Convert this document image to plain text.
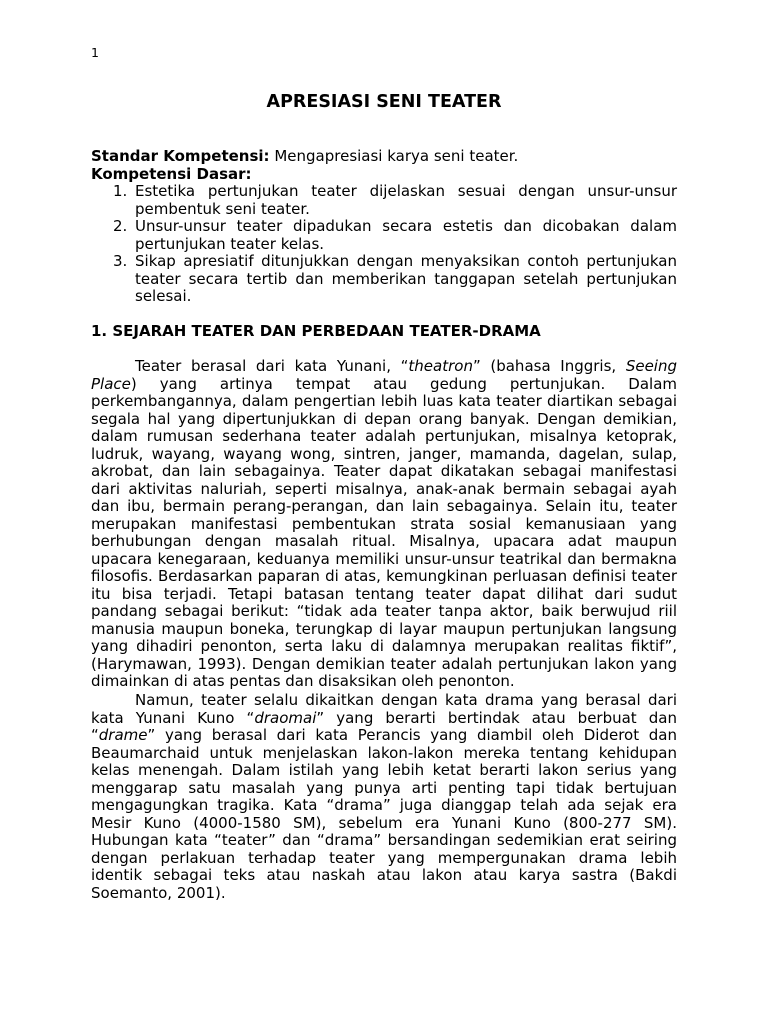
1
APRESIASI SENI TEATER
Standar Kompetensi: Mengapresiasi karya seni teater.
Kompetensi Dasar:
1. Estetika pertunjukan teater dijelaskan sesuai dengan unsur-unsur
pembentuk seni teater.
2. Unsur-unsur teater dipadukan secara estetis dan dicobakan dalam
pertunjukan teater kelas.
3. Sikap apresiatif ditunjukkan dengan menyaksikan contoh pertunjukan
teater secara tertib dan memberikan tanggapan setelah pertunjukan
selesai.
1. SEJARAH TEATER DAN PERBEDAAN TEATER-DRAMA
Teater berasal dari kata Yunani, “theatron” (bahasa Inggris, Seeing
Place) yang artinya tempat atau gedung pertunjukan. Dalam
perkembangannya, dalam pengertian lebih luas kata teater diartikan sebagai
segala hal yang dipertunjukkan di depan orang banyak. Dengan demikian,
dalam rumusan sederhana teater adalah pertunjukan, misalnya ketoprak,
ludruk, wayang, wayang wong, sintren, janger, mamanda, dagelan, sulap,
akrobat, dan lain sebagainya. Teater dapat dikatakan sebagai manifestasi
dari aktivitas naluriah, seperti misalnya, anak-anak bermain sebagai ayah
dan ibu, bermain perang-perangan, dan lain sebagainya. Selain itu, teater
merupakan manifestasi pembentukan strata sosial kemanusiaan yang
berhubungan dengan masalah ritual. Misalnya, upacara adat maupun
upacara kenegaraan, keduanya memiliki unsur-unsur teatrikal dan bermakna
filosofis. Berdasarkan paparan di atas, kemungkinan perluasan definisi teater
itu bisa terjadi. Tetapi batasan tentang teater dapat dilihat dari sudut
pandang sebagai berikut: “tidak ada teater tanpa aktor, baik berwujud riil
manusia maupun boneka, terungkap di layar maupun pertunjukan langsung
yang dihadiri penonton, serta laku di dalamnya merupakan realitas fiktif”,
(Harymawan, 1993). Dengan demikian teater adalah pertunjukan lakon yang
dimainkan di atas pentas dan disaksikan oleh penonton.
Namun, teater selalu dikaitkan dengan kata drama yang berasal dari
kata Yunani Kuno “draomai” yang berarti bertindak atau berbuat dan
“drame” yang berasal dari kata Perancis yang diambil oleh Diderot dan
Beaumarchaid untuk menjelaskan lakon-lakon mereka tentang kehidupan
kelas menengah. Dalam istilah yang lebih ketat berarti lakon serius yang
menggarap satu masalah yang punya arti penting tapi tidak bertujuan
mengagungkan tragika. Kata “drama” juga dianggap telah ada sejak era
Mesir Kuno (4000-1580 SM), sebelum era Yunani Kuno (800-277 SM).
Hubungan kata “teater” dan “drama” bersandingan sedemikian erat seiring
dengan perlakuan terhadap teater yang mempergunakan drama lebih
identik sebagai teks atau naskah atau lakon atau karya sastra (Bakdi
Soemanto, 2001).
